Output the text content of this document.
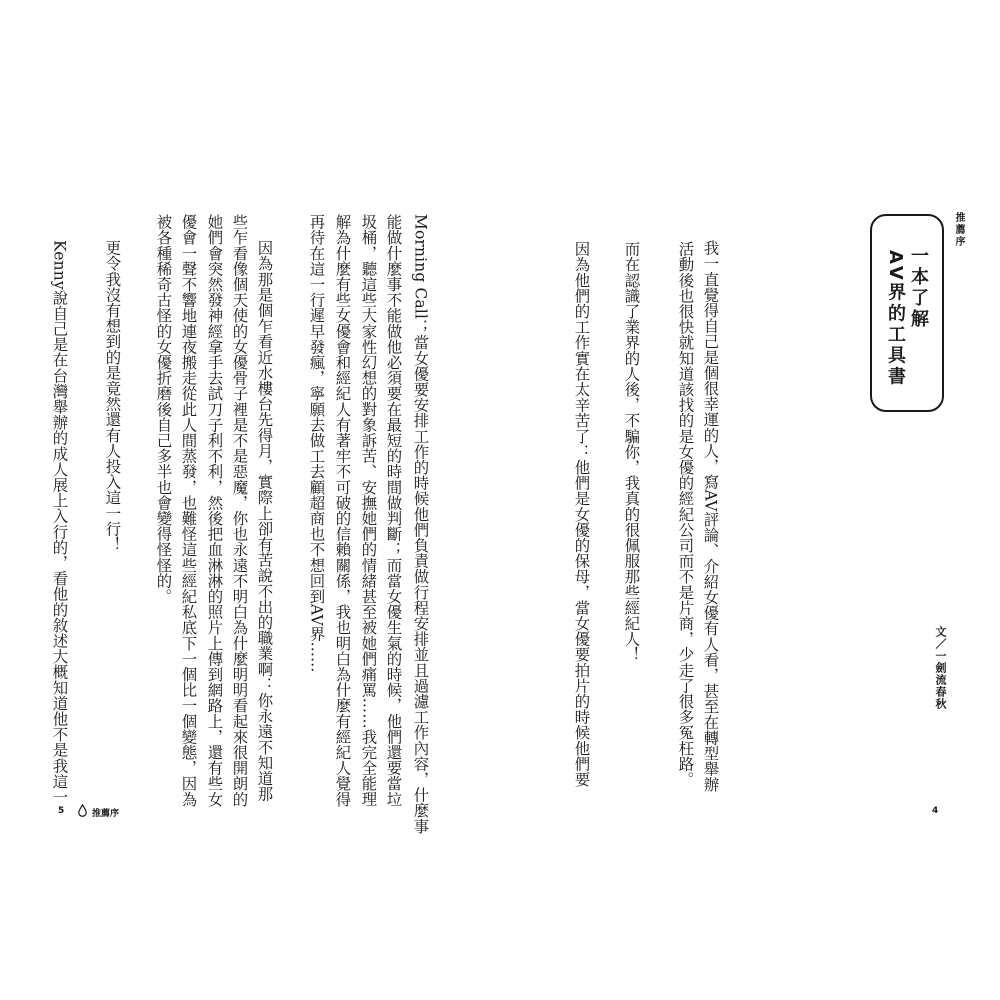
推薦序
一本了解
AV界的工具書
文／一劍流春秋
我一直覺得自己是個很幸運的人，寫AV評論、介紹女優有人看，甚至在轉型舉辦
活動後也很快就知道該找的是女優的經紀公司而不是片商，少走了很多冤枉路。
而在認識了業界的人後，不騙你，我真的很佩服那些經紀人！
因為他們的工作實在太辛苦了：他們是女優的保母，當女優要拍片的時候他們要
Morning Call；當女優要安排工作的時候他們負責做行程安排並且過濾工作內容，什麼事
能做什麼事不能做他必須要在最短的時間做判斷；而當女優生氣的時候，他們還要當垃
圾桶，聽這些大家性幻想的對象訴苦、安撫她們的情緒甚至被她們痛罵……我完全能理
解為什麼有些女優會和經紀人有著牢不可破的信賴關係，我也明白為什麼有經紀人覺得
再待在這一行遲早發瘋，寧願去做工去顧超商也不想回到AV界……
因為那是個乍看近水樓台先得月，實際上卻有苦說不出的職業啊：你永遠不知道那
些乍看像個天使的女優骨子裡是不是惡魔，你也永遠不明白為什麼明明看起來很開朗的
她們會突然發神經拿手去試刀子利不利，然後把血淋淋的照片上傳到網路上，還有些女
優會一聲不響地連夜搬走從此人間蒸發，也難怪這些經紀私底下一個比一個變態，因為
被各種稀奇古怪的女優折磨後自己多半也會變得怪怪的。
更令我沒有想到的是竟然還有人投入這一行！
Kenny說自己是在台灣舉辦的成人展上入行的，看他的敘述大概知道他不是我這一
5	推薦序	4
